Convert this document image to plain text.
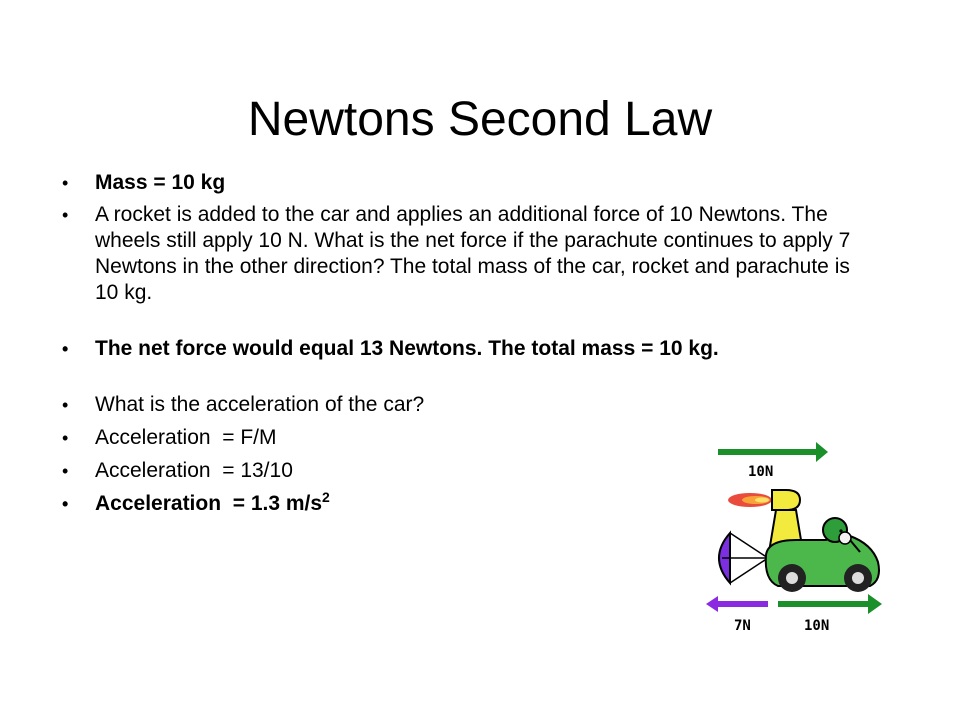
Newtons Second Law
• Mass = 10 kg
• A rocket is added to the car and applies an additional force of 10 Newtons. The wheels still apply 10 N. What is the net force if the parachute continues to apply 7 Newtons in the other direction? The total mass of the car, rocket and parachute is 10 kg.
• The net force would equal 13 Newtons. The total mass = 10 kg.
• What is the acceleration of the car?
• Acceleration  = F/M
• Acceleration  = 13/10
• Acceleration  = 1.3 $m/s^2$
10N
7N	10N
